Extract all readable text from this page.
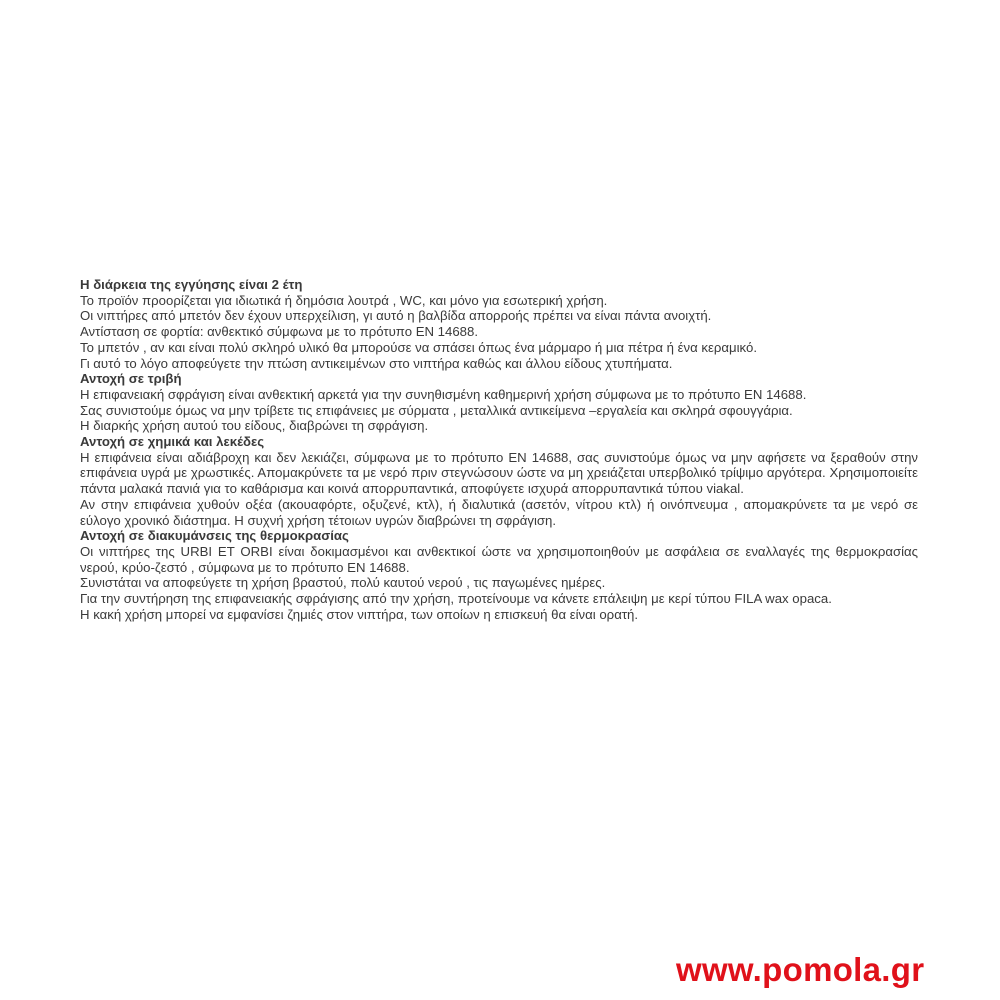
Η διάρκεια της εγγύησης είναι 2 έτη
Το προϊόν προορίζεται για ιδιωτικά ή δημόσια λουτρά , WC, και μόνο για εσωτερική χρήση.
Οι νιπτήρες από μπετόν δεν έχουν υπερχείλιση, γι αυτό η βαλβίδα απορροής πρέπει να είναι πάντα ανοιχτή.
Αντίσταση σε φορτία: ανθεκτικό σύμφωνα με το πρότυπο EN 14688.
Το μπετόν , αν και είναι πολύ σκληρό υλικό θα μπορούσε να σπάσει όπως ένα μάρμαρο ή μια πέτρα ή ένα κεραμικό.
Γι αυτό το λόγο αποφεύγετε την πτώση αντικειμένων στο νιπτήρα καθώς και άλλου είδους χτυπήματα.
Αντοχή σε τριβή
Η επιφανειακή σφράγιση είναι ανθεκτική αρκετά για την συνηθισμένη καθημερινή χρήση σύμφωνα με το πρότυπο EN 14688.
Σας συνιστούμε όμως να μην τρίβετε τις επιφάνειες με σύρματα , μεταλλικά αντικείμενα –εργαλεία και σκληρά σφουγγάρια.
Η διαρκής χρήση αυτού του είδους, διαβρώνει τη σφράγιση.
Αντοχή σε χημικά και λεκέδες
Η επιφάνεια είναι αδιάβροχη και δεν λεκιάζει, σύμφωνα με το πρότυπο EN 14688, σας συνιστούμε όμως να μην αφήσετε να ξεραθούν στην επιφάνεια υγρά με χρωστικές. Απομακρύνετε τα με νερό πριν στεγνώσουν ώστε να μη χρειάζεται υπερβολικό τρίψιμο αργότερα. Χρησιμοποιείτε πάντα μαλακά πανιά για το καθάρισμα και κοινά απορρυπαντικά, αποφύγετε ισχυρά απορρυπαντικά τύπου viakal.
Αν στην επιφάνεια χυθούν οξέα (ακουαφόρτε, οξυζενέ, κτλ), ή διαλυτικά (ασετόν, νίτρου κτλ) ή οινόπνευμα , απομακρύνετε τα με νερό σε εύλογο χρονικό διάστημα. Η συχνή χρήση τέτοιων υγρών διαβρώνει τη σφράγιση.
Αντοχή σε διακυμάνσεις της θερμοκρασίας
Οι νιπτήρες της URBI ET ORBI είναι δοκιμασμένοι και ανθεκτικοί ώστε να χρησιμοποιηθούν με ασφάλεια σε εναλλαγές της θερμοκρασίας νερού, κρύο-ζεστό , σύμφωνα με το πρότυπο EN 14688.
Συνιστάται να αποφεύγετε τη χρήση βραστού, πολύ καυτού νερού , τις παγωμένες ημέρες.
Για την συντήρηση της επιφανειακής σφράγισης από την χρήση, προτείνουμε να κάνετε επάλειψη με κερί τύπου FILA wax opaca.
Η κακή χρήση μπορεί να εμφανίσει ζημιές στον νιπτήρα, των οποίων η επισκευή θα είναι ορατή.
www.pomola.gr
